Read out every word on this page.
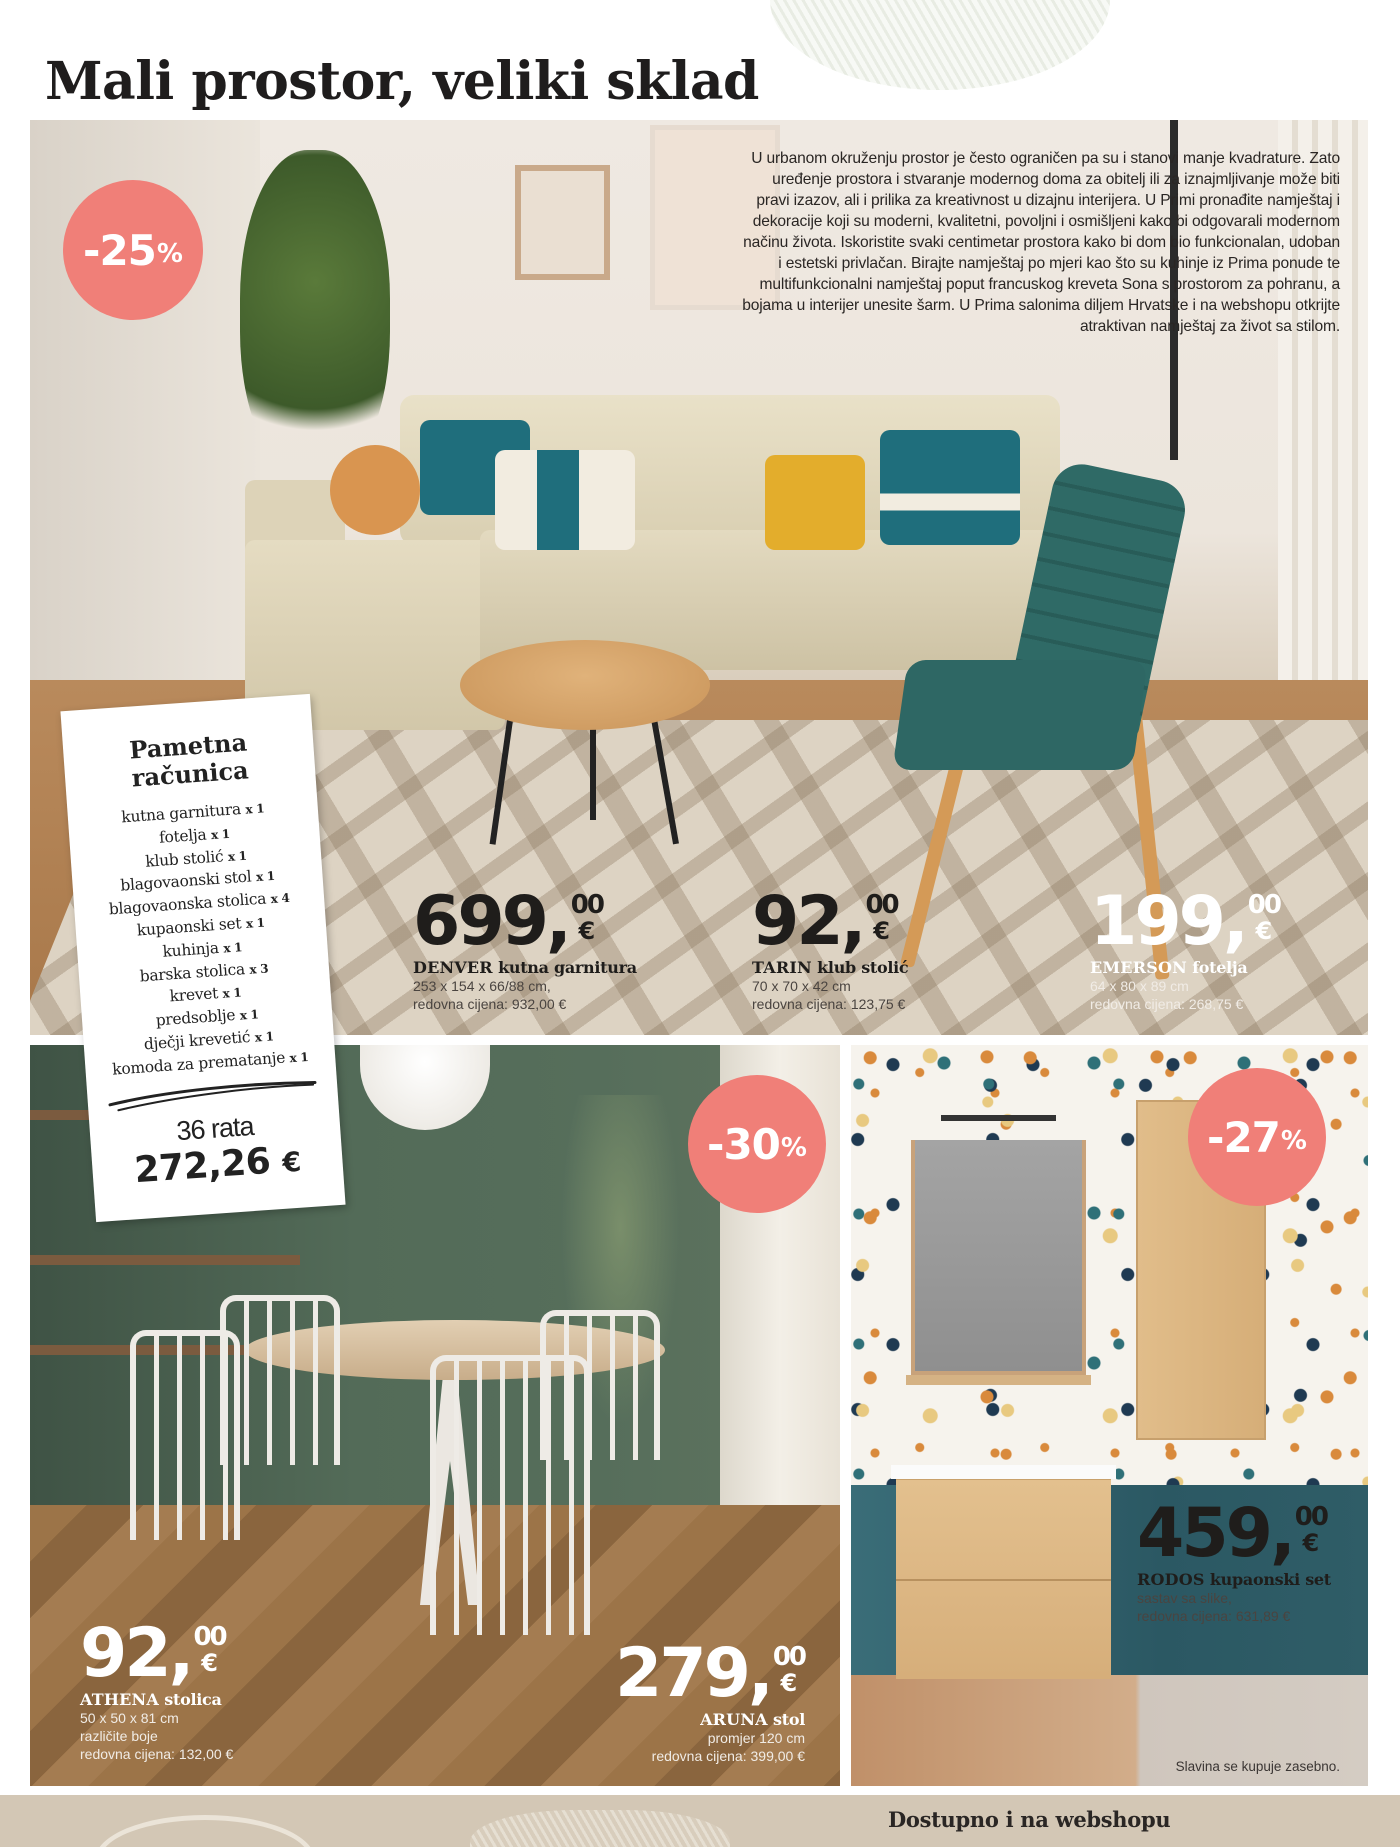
Mali prostor, veliki sklad
-25 %
U urbanom okruženju prostor je često ograničen pa su i stanovi manje kvadrature. Zato
uređenje prostora i stvaranje modernog doma za obitelj ili za iznajmljivanje može biti
pravi izazov, ali i prilika za kreativnost u dizajnu interijera. U Primi pronađite namještaj i
dekoracije koji su moderni, kvalitetni, povoljni i osmišljeni kako bi odgovarali modernom
načinu života. Iskoristite svaki centimetar prostora kako bi dom bio funkcionalan, udoban
i estetski privlačan. Birajte namještaj po mjeri kao što su kuhinje iz Prima ponude te
multifunkcionalni namještaj poput francuskog kreveta Sona s prostorom za pohranu, a
bojama u interijer unesite šarm. U Prima salonima diljem Hrvatske i na webshopu otkrijte
atraktivan namještaj za život sa stilom.
699, 00
€
DENVER kutna garnitura
253 x 154 x 66/88 cm,
redovna cijena: 932,00 €
92, 00
€
TARIN klub stolić
70 x 70 x 42 cm
redovna cijena: 123,75 €
199, 00
€
EMERSON fotelja
64 x 80 x 89 cm
redovna cijena: 268,75 €
-30 %
92, 00
€
ATHENA stolica
50 x 50 x 81 cm
različite boje
redovna cijena: 132,00 €
279, 00
€
ARUNA stol
promjer 120 cm
redovna cijena: 399,00 €
Slavina se kupuje zasebno.
-27 %
459, 00
€
RODOS kupaonski set
sastav sa slike,
redovna cijena: 631,89 €
Pametna
računica
kutna garnitura x 1
fotelja x 1
klub stolić x 1
blagovaonski stol x 1
blagovaonska stolica x 4
kupaonski set x 1
kuhinja x 1
barska stolica x 3
krevet x 1
predsoblje x 1
dječji krevetić x 1
komoda za prematanje x 1
36 rata
272,26 €
Dostupno i na webshopu
